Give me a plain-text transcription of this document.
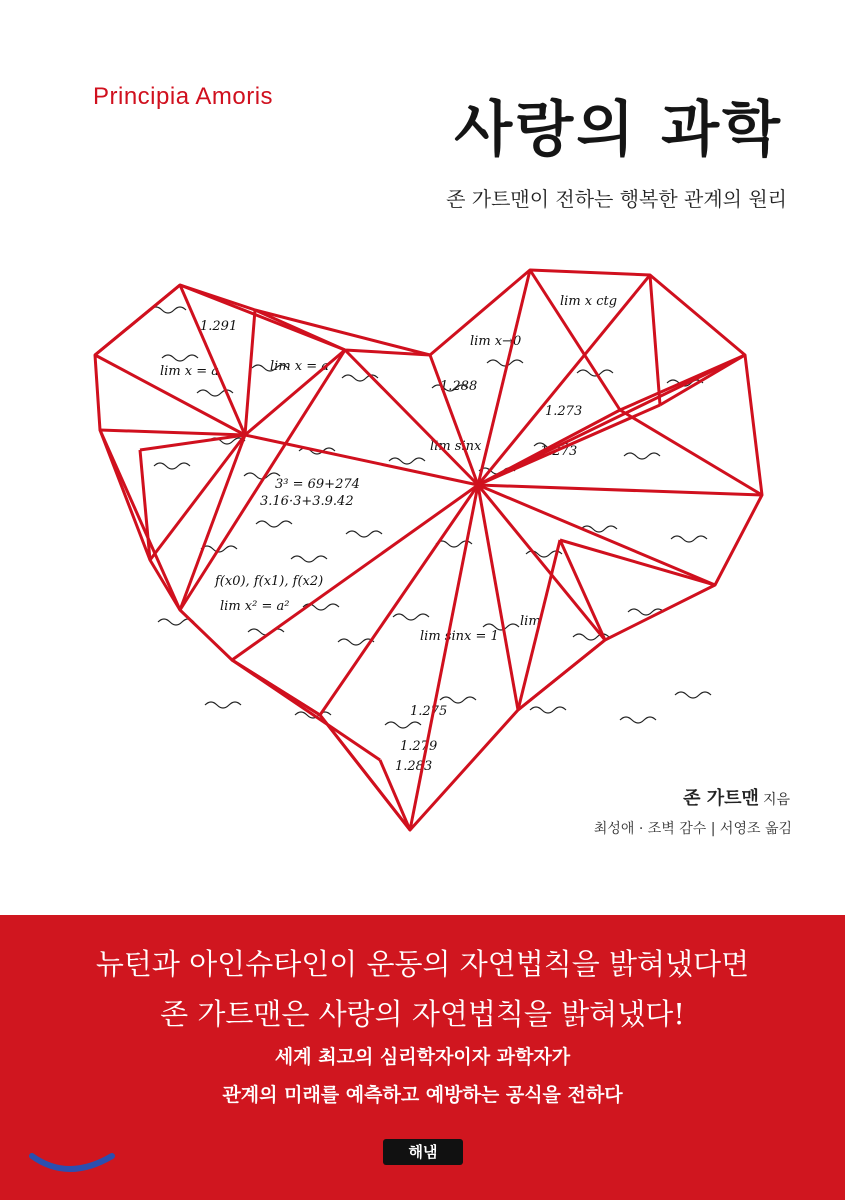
Principia Amoris	사랑의 과학
존 가트맨이 전하는 행복한 관계의 원리
lim x ctg
lim x→0
1.288
1.273
1.291
lim x = a
lim x = a
lim sinx	1.273
lim sinx = 1
lim
1.275
1.279
1.283
f(x0), f(x1), f(x2)
lim x² = a²
3.16·3+3.9.42
3³ = 69+274
존 가트맨 지음
최성애 · 조벽 감수 | 서영조 옮김
뉴턴과 아인슈타인이 운동의 자연법칙을 밝혀냈다면
존 가트맨은 사랑의 자연법칙을 밝혀냈다!
세계 최고의 심리학자이자 과학자가
관계의 미래를 예측하고 예방하는 공식을 전하다
해냄
